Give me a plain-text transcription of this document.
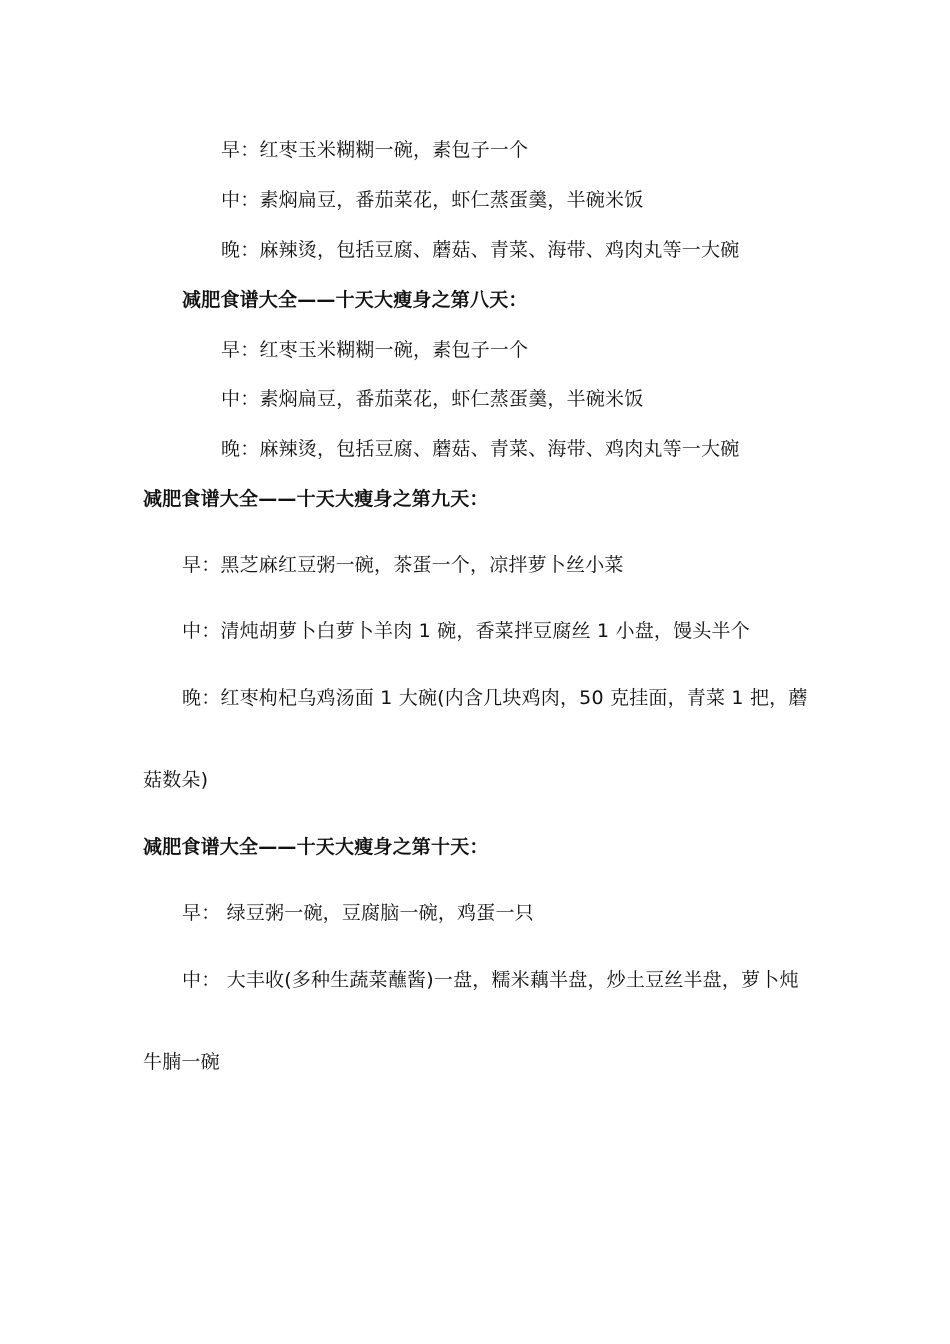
早：红枣玉米糊糊一碗，素包子一个
中：素焖扁豆，番茄菜花，虾仁蒸蛋羹，半碗米饭
晚：麻辣烫，包括豆腐、蘑菇、青菜、海带、鸡肉丸等一大碗
减肥食谱大全——十天大瘦身之第八天：
早：红枣玉米糊糊一碗，素包子一个
中：素焖扁豆，番茄菜花，虾仁蒸蛋羹，半碗米饭
晚：麻辣烫，包括豆腐、蘑菇、青菜、海带、鸡肉丸等一大碗
减肥食谱大全——十天大瘦身之第九天：
早：黑芝麻红豆粥一碗，茶蛋一个，凉拌萝卜丝小菜
中：清炖胡萝卜白萝卜羊肉 1 碗，香菜拌豆腐丝 1 小盘，馒头半个
晚：红枣枸杞乌鸡汤面 1 大碗(内含几块鸡肉，50 克挂面，青菜 1 把，蘑
菇数朵)
减肥食谱大全——十天大瘦身之第十天：
早： 绿豆粥一碗，豆腐脑一碗，鸡蛋一只
中： 大丰收(多种生蔬菜蘸酱)一盘，糯米藕半盘，炒土豆丝半盘，萝卜炖
牛腩一碗
